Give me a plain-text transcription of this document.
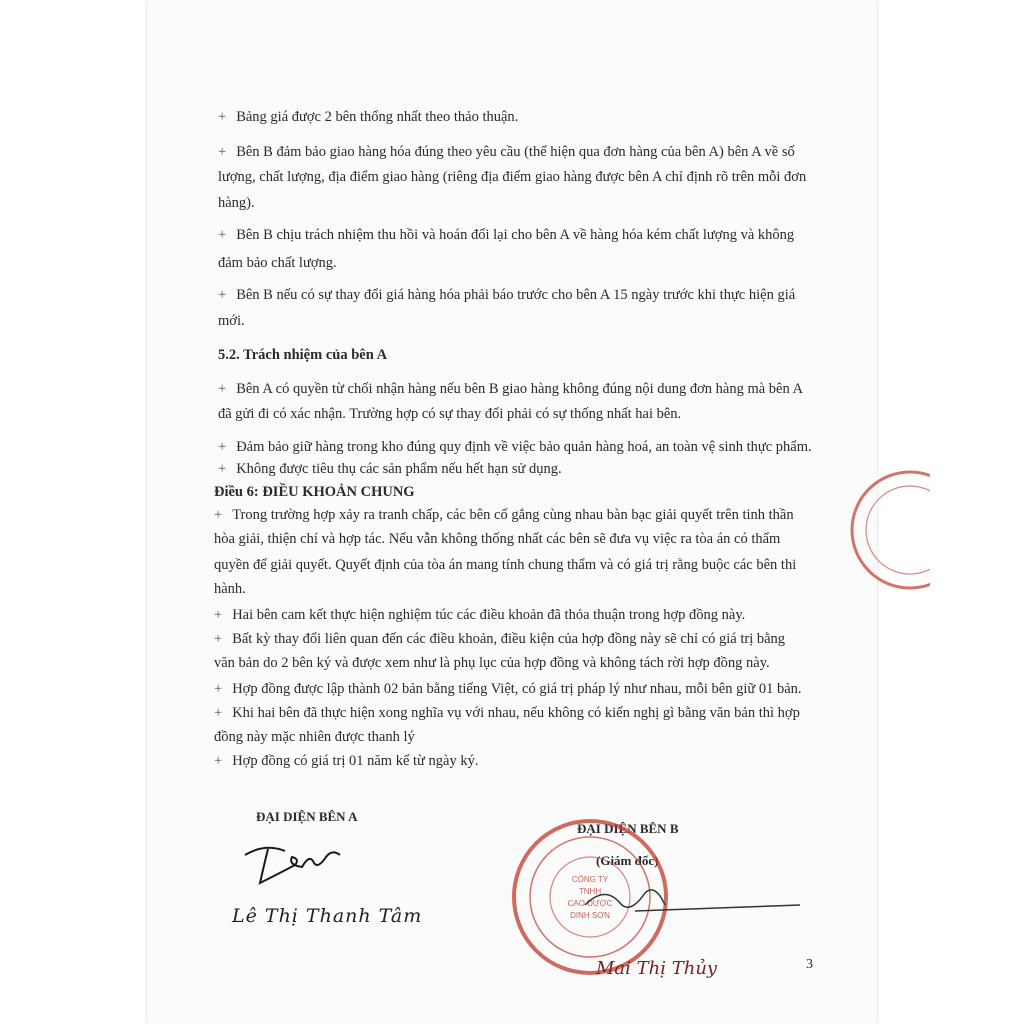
+ Bảng giá được 2 bên thống nhất theo thảo thuận.
+ Bên B đảm bảo giao hàng hóa đúng theo yêu cầu (thể hiện qua đơn hàng của bên A) bên A về số
lượng, chất lượng, địa điểm giao hàng (riêng địa điểm giao hàng được bên A chỉ định rõ trên mỗi đơn
hàng).
+ Bên B chịu trách nhiệm thu hồi và hoán đổi lại cho bên A về hàng hóa kém chất lượng và không
đảm bảo chất lượng.
+ Bên B nếu có sự thay đổi giá hàng hóa phải báo trước cho bên A 15 ngày trước khi thực hiện giá
mới.
5.2. Trách nhiệm của bên A
+ Bên A có quyền từ chối nhận hàng nếu bên B giao hàng không đúng nội dung đơn hàng mà bên A
đã gửi đi có xác nhận. Trường hợp có sự thay đổi phải có sự thống nhất hai bên.
+ Đảm bảo giữ hàng trong kho đúng quy định về việc bảo quản hàng hoá, an toàn vệ sinh thực phẩm.
+ Không được tiêu thụ các sản phẩm nếu hết hạn sử dụng.
Điều 6: ĐIỀU KHOẢN CHUNG
+ Trong trường hợp xảy ra tranh chấp, các bên cố gắng cùng nhau bàn bạc giải quyết trên tinh thần
hòa giải, thiện chí và hợp tác. Nếu vẫn không thống nhất các bên sẽ đưa vụ việc ra tòa án có thẩm
quyền để giải quyết. Quyết định của tòa án mang tính chung thẩm và có giá trị rằng buộc các bên thi
hành.
+ Hai bên cam kết thực hiện nghiệm túc các điều khoản đã thỏa thuận trong hợp đồng này.
+ Bất kỳ thay đổi liên quan đến các điều khoản, điều kiện của hợp đồng này sẽ chỉ có giá trị bằng
văn bản do 2 bên ký và được xem như là phụ lục của hợp đồng và không tách rời hợp đồng này.
+ Hợp đồng được lập thành 02 bản bằng tiếng Việt, có giá trị pháp lý như nhau, mỗi bên giữ 01 bản.
+ Khi hai bên đã thực hiện xong nghĩa vụ với nhau, nếu không có kiến nghị gì bằng văn bản thì hợp
đồng này mặc nhiên được thanh lý
+ Hợp đồng có giá trị 01 năm kể từ ngày ký.
ĐẠI DIỆN BÊN A
ĐẠI DIỆN BÊN B
(Giám đốc)
Lê Thị Thanh Tâm
CÔNG TY
TNHH
CAO DƯỢC
DINH SƠN
Mai Thị Thủy	3
